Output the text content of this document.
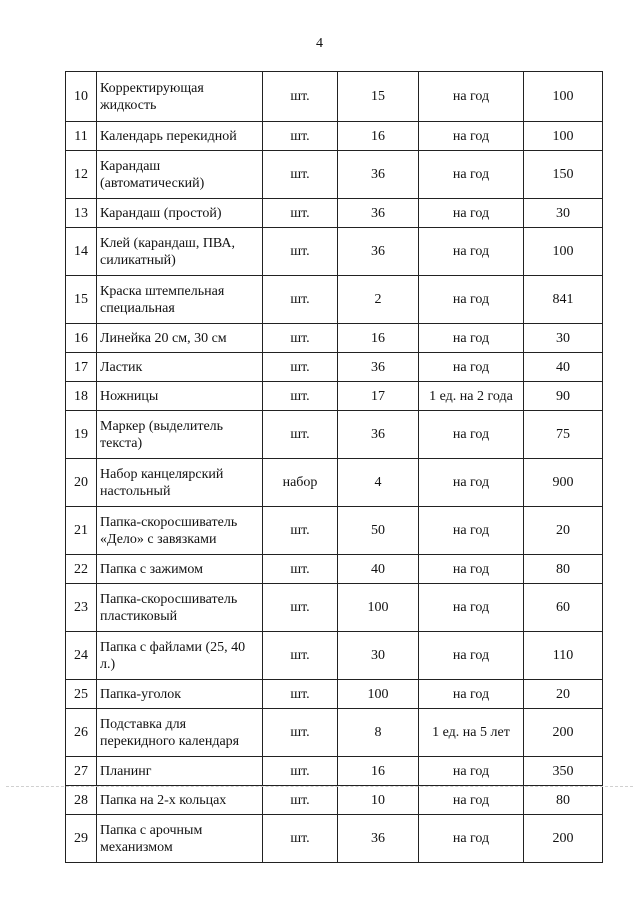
4
10	Корректирующая жидкость	шт.	15	на год	100
11	Календарь перекидной	шт.	16	на год	100
12	Карандаш (автоматический)	шт.	36	на год	150
13	Карандаш (простой)	шт.	36	на год	30
14	Клей (карандаш, ПВА, силикатный)	шт.	36	на год	100
15	Краска штемпельная специальная	шт.	2	на год	841
16	Линейка 20 см, 30 см	шт.	16	на год	30
17	Ластик	шт.	36	на год	40
18	Ножницы	шт.	17	1 ед. на 2 года	90
19	Маркер (выделитель текста)	шт.	36	на год	75
20	Набор канцелярский настольный	набор	4	на год	900
21	Папка-скоросшиватель «Дело» с завязками	шт.	50	на год	20
22	Папка с зажимом	шт.	40	на год	80
23	Папка-скоросшиватель пластиковый	шт.	100	на год	60
24	Папка с файлами (25, 40 л.)	шт.	30	на год	110
25	Папка-уголок	шт.	100	на год	20
26	Подставка для перекидного календаря	шт.	8	1 ед. на 5 лет	200
27	Планинг	шт.	16	на год	350
28	Папка на 2-х кольцах	шт.	10	на год	80
29	Папка с арочным механизмом	шт.	36	на год	200
